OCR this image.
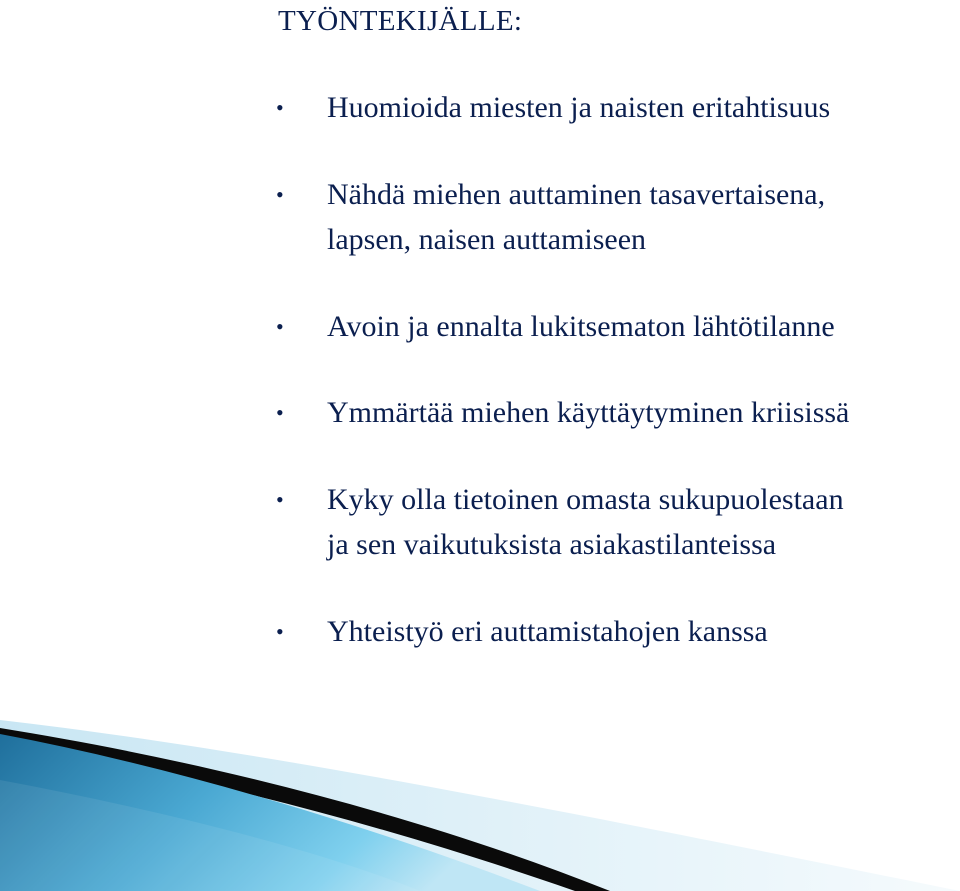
TYÖNTEKIJÄLLE:
• Huomioida miesten ja naisten eritahtisuus
• Nähdä miehen auttaminen tasavertaisena,
lapsen, naisen auttamiseen
• Avoin ja ennalta lukitsematon lähtötilanne
• Ymmärtää miehen käyttäytyminen kriisissä
• Kyky olla tietoinen omasta sukupuolestaan
ja sen vaikutuksista asiakastilanteissa
• Yhteistyö eri auttamistahojen kanssa
